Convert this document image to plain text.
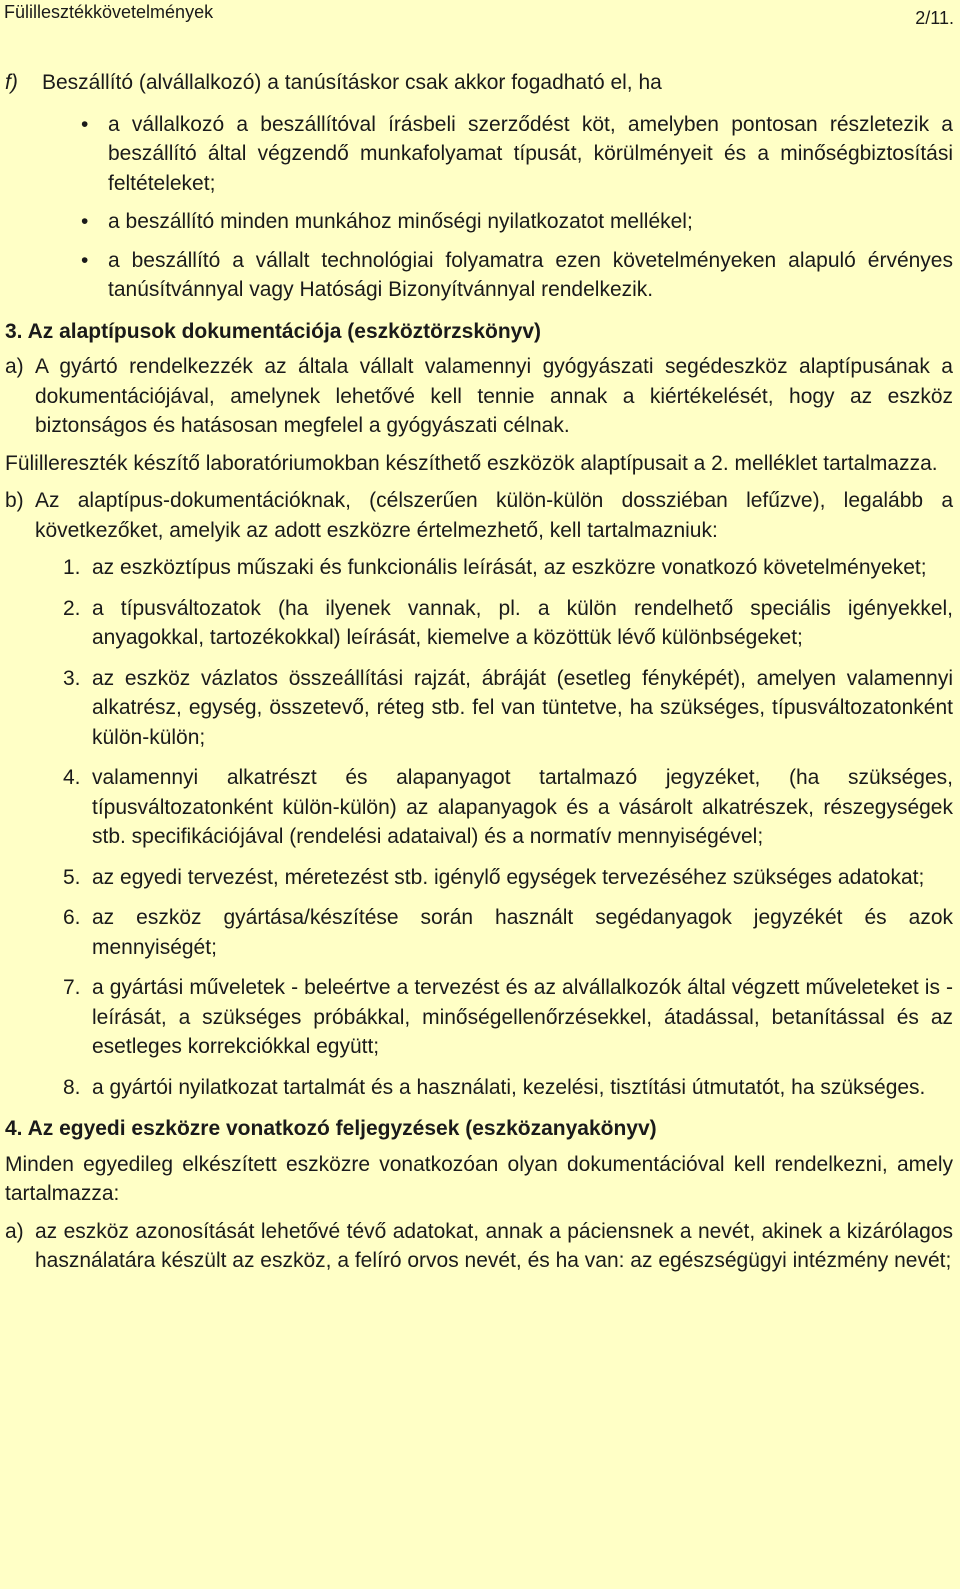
Fülillesztékkövetelmények	2/11.
f)	Beszállító (alvállalkozó) a tanúsításkor csak akkor fogadható el, ha
• a vállalkozó a beszállítóval írásbeli szerződést köt, amelyben pontosan részletezik a beszállító által végzendő munkafolyamat típusát, körülményeit és a minőségbiztosítási feltételeket;
• a beszállító minden munkához minőségi nyilatkozatot mellékel;
• a beszállító a vállalt technológiai folyamatra ezen követelményeken alapuló érvényes tanúsítvánnyal vagy Hatósági Bizonyítvánnyal rendelkezik.
3. Az alaptípusok dokumentációja (eszköztörzskönyv)
a) A gyártó rendelkezzék az általa vállalt valamennyi gyógyászati segédeszköz alaptípusának a dokumentációjával, amelynek lehetővé kell tennie annak a kiértékelését, hogy az eszköz biztonságos és hatásosan megfelel a gyógyászati célnak.
Fülillereszték készítő laboratóriumokban készíthető eszközök alaptípusait a 2. melléklet tartalmazza.
b) Az alaptípus-dokumentációknak, (célszerűen külön-külön dossziéban lefűzve), legalább a következőket, amelyik az adott eszközre értelmezhető, kell tartalmazniuk:
1. az eszköztípus műszaki és funkcionális leírását, az eszközre vonatkozó követelményeket;
2. a típusváltozatok (ha ilyenek vannak, pl. a külön rendelhető speciális igényekkel, anyagokkal, tartozékokkal) leírását, kiemelve a közöttük lévő különbségeket;
3. az eszköz vázlatos összeállítási rajzát, ábráját (esetleg fényképét), amelyen valamennyi alkatrész, egység, összetevő, réteg stb. fel van tüntetve, ha szükséges, típusváltozatonként külön-külön;
4. valamennyi alkatrészt és alapanyagot tartalmazó jegyzéket, (ha szükséges, típusváltozatonként külön-külön) az alapanyagok és a vásárolt alkatrészek, részegységek stb. specifikációjával (rendelési adataival) és a normatív mennyiségével;
5. az egyedi tervezést, méretezést stb. igénylő egységek tervezéséhez szükséges adatokat;
6. az eszköz gyártása/készítése során használt segédanyagok jegyzékét és azok mennyiségét;
7. a gyártási műveletek - beleértve a tervezést és az alvállalkozók által végzett műveleteket is - leírását, a szükséges próbákkal, minőségellenőrzésekkel, átadással, betanítással és az esetleges korrekciókkal együtt;
8. a gyártói nyilatkozat tartalmát és a használati, kezelési, tisztítási útmutatót, ha szükséges.
4. Az egyedi eszközre vonatkozó feljegyzések (eszközanyakönyv)
Minden egyedileg elkészített eszközre vonatkozóan olyan dokumentációval kell rendelkezni, amely tartalmazza:
a) az eszköz azonosítását lehetővé tévő adatokat, annak a páciensnek a nevét, akinek a kizárólagos használatára készült az eszköz, a felíró orvos nevét, és ha van: az egészségügyi intézmény nevét;
